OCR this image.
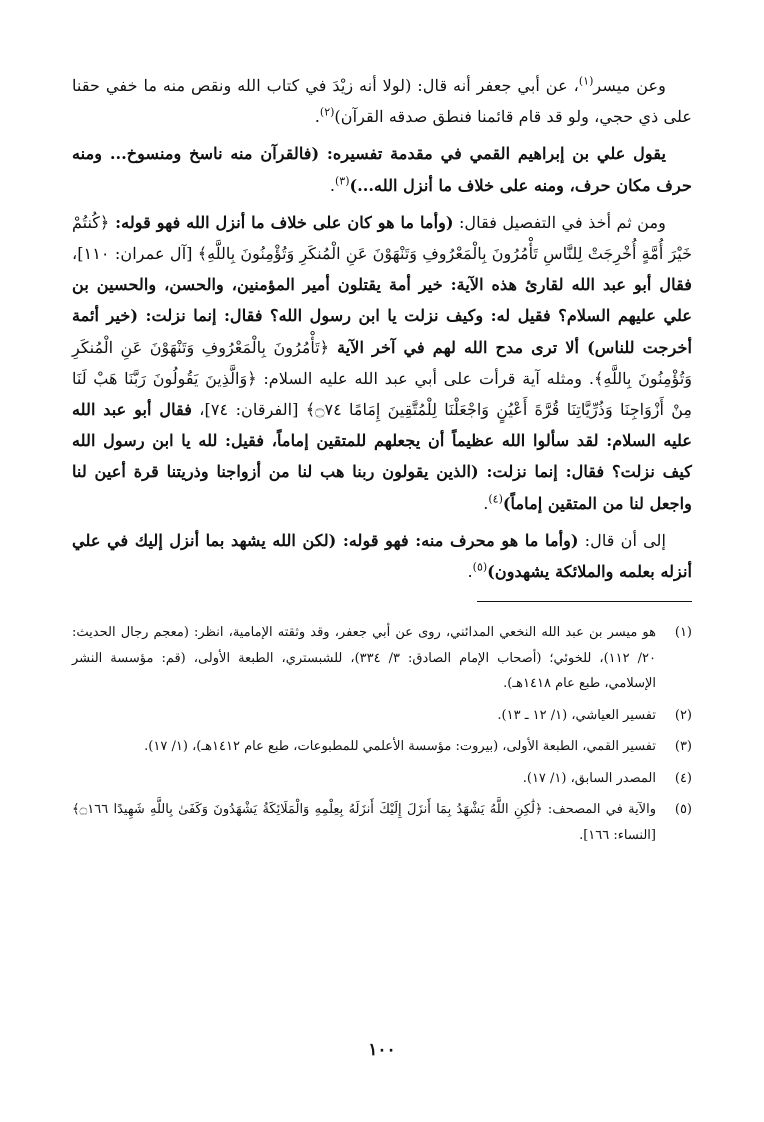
وعن ميسر$^{(١)}$، عن أبي جعفر أنه قال: (لولا أنه زيْدَ في كتاب الله ونقص منه ما خفي حقنا على ذي حجي، ولو قد قام قائمنا فنطق صدقه القرآن)$^{(٢)}$.

يقول علي بن إبراهيم القمي في مقدمة تفسيره: (فالقرآن منه ناسخ ومنسوخ... ومنه حرف مكان حرف، ومنه على خلاف ما أنزل الله...)$^{(٣)}$.

ومن ثم أخذ في التفصيل فقال: (وأما ما هو كان على خلاف ما أنزل الله فهو قوله: ﴿كُنتُمْ خَيْرَ أُمَّةٍ أُخْرِجَتْ لِلنَّاسِ تَأْمُرُونَ بِالْمَعْرُوفِ وَتَنْهَوْنَ عَنِ الْمُنكَرِ وَتُؤْمِنُونَ بِاللَّهِ﴾ [آل عمران: ١١٠]، فقال أبو عبد الله لقارئ هذه الآية: خير أمة يقتلون أمير المؤمنين، والحسن، والحسين بن علي عليهم السلام؟ فقيل له: وكيف نزلت يا ابن رسول الله؟ فقال: إنما نزلت: (خير أئمة أخرجت للناس) ألا ترى مدح الله لهم في آخر الآية ﴿تَأْمُرُونَ بِالْمَعْرُوفِ وَتَنْهَوْنَ عَنِ الْمُنكَرِ وَتُؤْمِنُونَ بِاللَّهِ﴾. ومثله آية قرأت على أبي عبد الله عليه السلام: ﴿وَالَّذِينَ يَقُولُونَ رَبَّنَا هَبْ لَنَا مِنْ أَزْوَاجِنَا وَذُرِّيَّاتِنَا قُرَّةَ أَعْيُنٍ وَاجْعَلْنَا لِلْمُتَّقِينَ إِمَامًا ۝٧٤﴾ [الفرقان: ٧٤]، فقال أبو عبد الله عليه السلام: لقد سألوا الله عظيماً أن يجعلهم للمتقين إماماً، فقيل: لله يا ابن رسول الله كيف نزلت؟ فقال: إنما نزلت: (الذين يقولون ربنا هب لنا من أزواجنا وذريتنا قرة أعين لنا واجعل لنا من المتقين إماماً)$^{(٤)}$.

إلى أن قال: (وأما ما هو محرف منه: فهو قوله: (لكن الله يشهد بما أنزل إليك في علي أنزله بعلمه والملائكة يشهدون)$^{(٥)}$.

(١)
هو ميسر بن عبد الله النخعي المدائني، روى عن أبي جعفر، وقد وثقته الإمامية، انظر: (معجم رجال الحديث: ٢٠/ ١١٢)، للخوئي؛ (أصحاب الإمام الصادق: ٣/ ٣٣٤)، للشبستري، الطبعة الأولى، (قم: مؤسسة النشر الإسلامي، طبع عام ١٤١٨هـ).
(٢)
تفسير العياشي، (١/ ١٢ ـ ١٣).
(٣)
تفسير القمي، الطبعة الأولى، (بيروت: مؤسسة الأعلمي للمطبوعات، طبع عام ١٤١٢هـ)، (١/ ١٧).
(٤)
المصدر السابق، (١/ ١٧).
(٥)
والآية في المصحف: ﴿لَٰكِنِ اللَّهُ يَشْهَدُ بِمَا أَنزَلَ إِلَيْكَ أَنزَلَهُ بِعِلْمِهِ وَالْمَلَائِكَةُ يَشْهَدُونَ وَكَفَىٰ بِاللَّهِ شَهِيدًا ۝١٦٦﴾ [النساء: ١٦٦].
١٠٠
